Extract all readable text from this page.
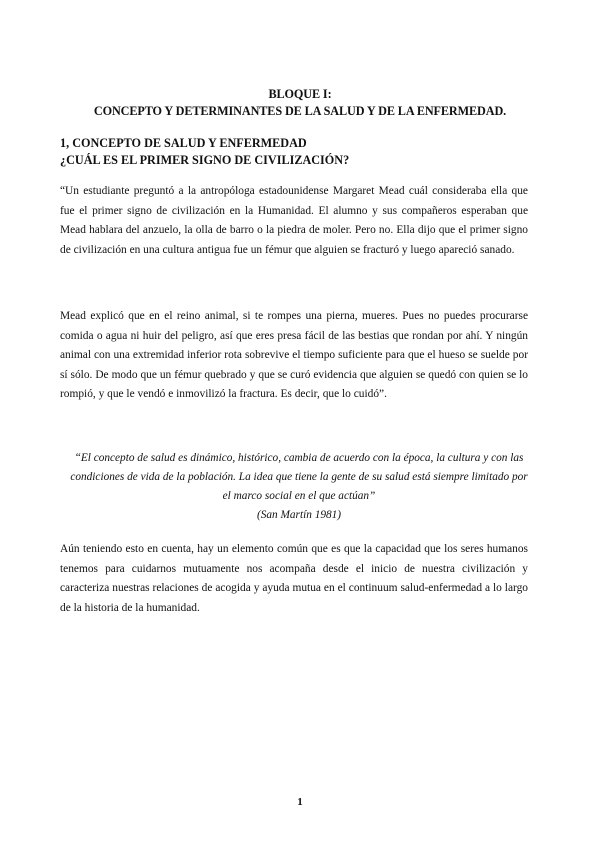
BLOQUE I:
CONCEPTO Y DETERMINANTES DE LA SALUD Y DE LA ENFERMEDAD.
1, CONCEPTO DE SALUD Y ENFERMEDAD
¿CUÁL ES EL PRIMER SIGNO DE CIVILIZACIÓN?

“Un estudiante preguntó a la antropóloga estadounidense Margaret Mead cuál consideraba ella que fue el primer signo de civilización en la Humanidad. El alumno y sus compañeros esperaban que Mead hablara del anzuelo, la olla de barro o la piedra de moler. Pero no. Ella dijo que el primer signo de civilización en una cultura antigua fue un fémur que alguien se fracturó y luego apareció sanado.

Mead explicó que en el reino animal, si te rompes una pierna, mueres. Pues no puedes procurarse comida o agua ni huir del peligro, así que eres presa fácil de las bestias que rondan por ahí. Y ningún animal con una extremidad inferior rota sobrevive el tiempo suficiente para que el hueso se suelde por sí sólo. De modo que un fémur quebrado y que se curó evidencia que alguien se quedó con quien se lo rompió, y que le vendó e inmovilizó la fractura. Es decir, que lo cuidó”.

“El concepto de salud es dinámico, histórico, cambia de acuerdo con la época, la cultura y con las condiciones de vida de la población. La idea que tiene la gente de su salud está siempre limitado por el marco social en el que actúan”
(San Martín 1981)

Aún teniendo esto en cuenta, hay un elemento común que es que la capacidad que los seres humanos tenemos para cuidarnos mutuamente nos acompaña desde el inicio de nuestra civilización y caracteriza nuestras relaciones de acogida y ayuda mutua en el continuum salud-enfermedad a lo largo de la historia de la humanidad.

1
